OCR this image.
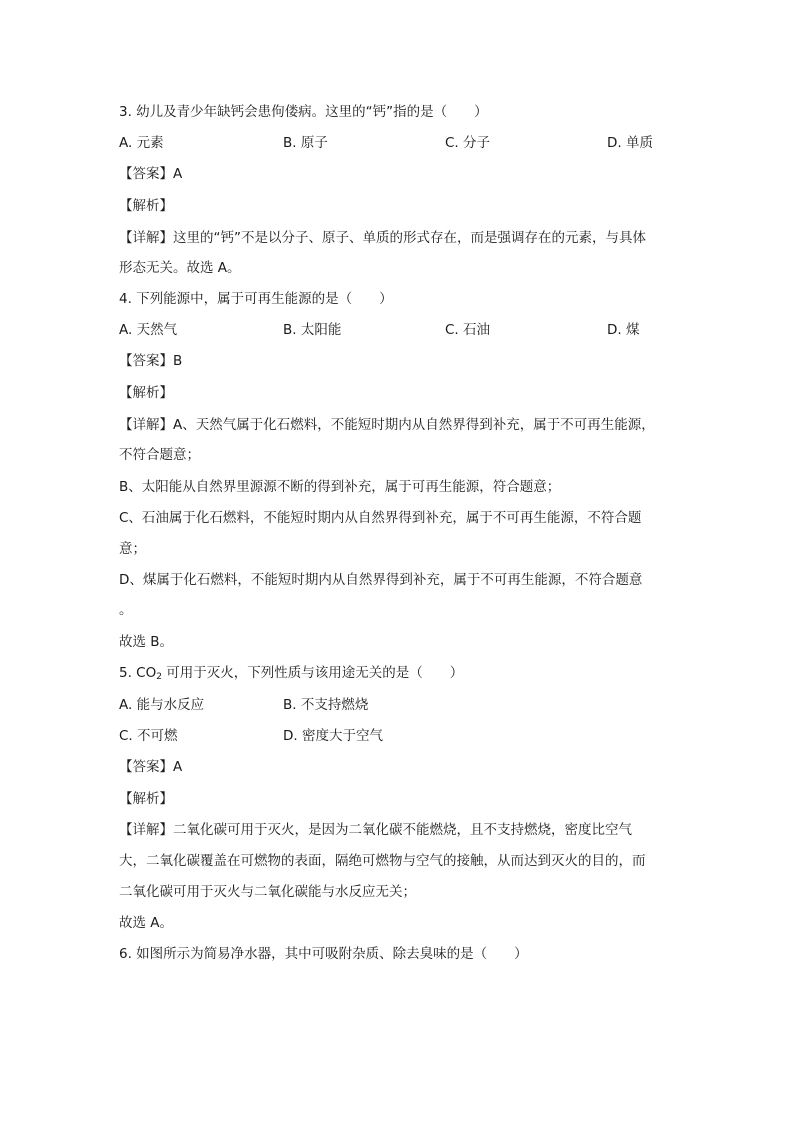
3. 幼儿及青少年缺钙会患佝偻病。这里的“钙”指的是（　　）
A. 元素	B. 原子	C. 分子	D. 单质
【答案】A
【解析】
【详解】这里的“钙”不是以分子、原子、单质的形式存在，而是强调存在的元素，与具体
形态无关。故选 A。
4. 下列能源中，属于可再生能源的是（　　）
A. 天然气	B. 太阳能	C. 石油	D. 煤
【答案】B
【解析】
【详解】A、天然气属于化石燃料，不能短时期内从自然界得到补充，属于不可再生能源，
不符合题意；
B、太阳能从自然界里源源不断的得到补充，属于可再生能源，符合题意；
C、石油属于化石燃料，不能短时期内从自然界得到补充，属于不可再生能源，不符合题
意；
D、煤属于化石燃料，不能短时期内从自然界得到补充，属于不可再生能源，不符合题意
。
故选 B。
5. $CO_2$ 可用于灭火，下列性质与该用途无关的是（　　）
A. 能与水反应	B. 不支持燃烧
C. 不可燃	D. 密度大于空气
【答案】A
【解析】
【详解】二氧化碳可用于灭火，是因为二氧化碳不能燃烧，且不支持燃烧，密度比空气
大，二氧化碳覆盖在可燃物的表面，隔绝可燃物与空气的接触，从而达到灭火的目的，而
二氧化碳可用于灭火与二氧化碳能与水反应无关；
故选 A。
6. 如图所示为简易净水器，其中可吸附杂质、除去臭味的是（　　）
